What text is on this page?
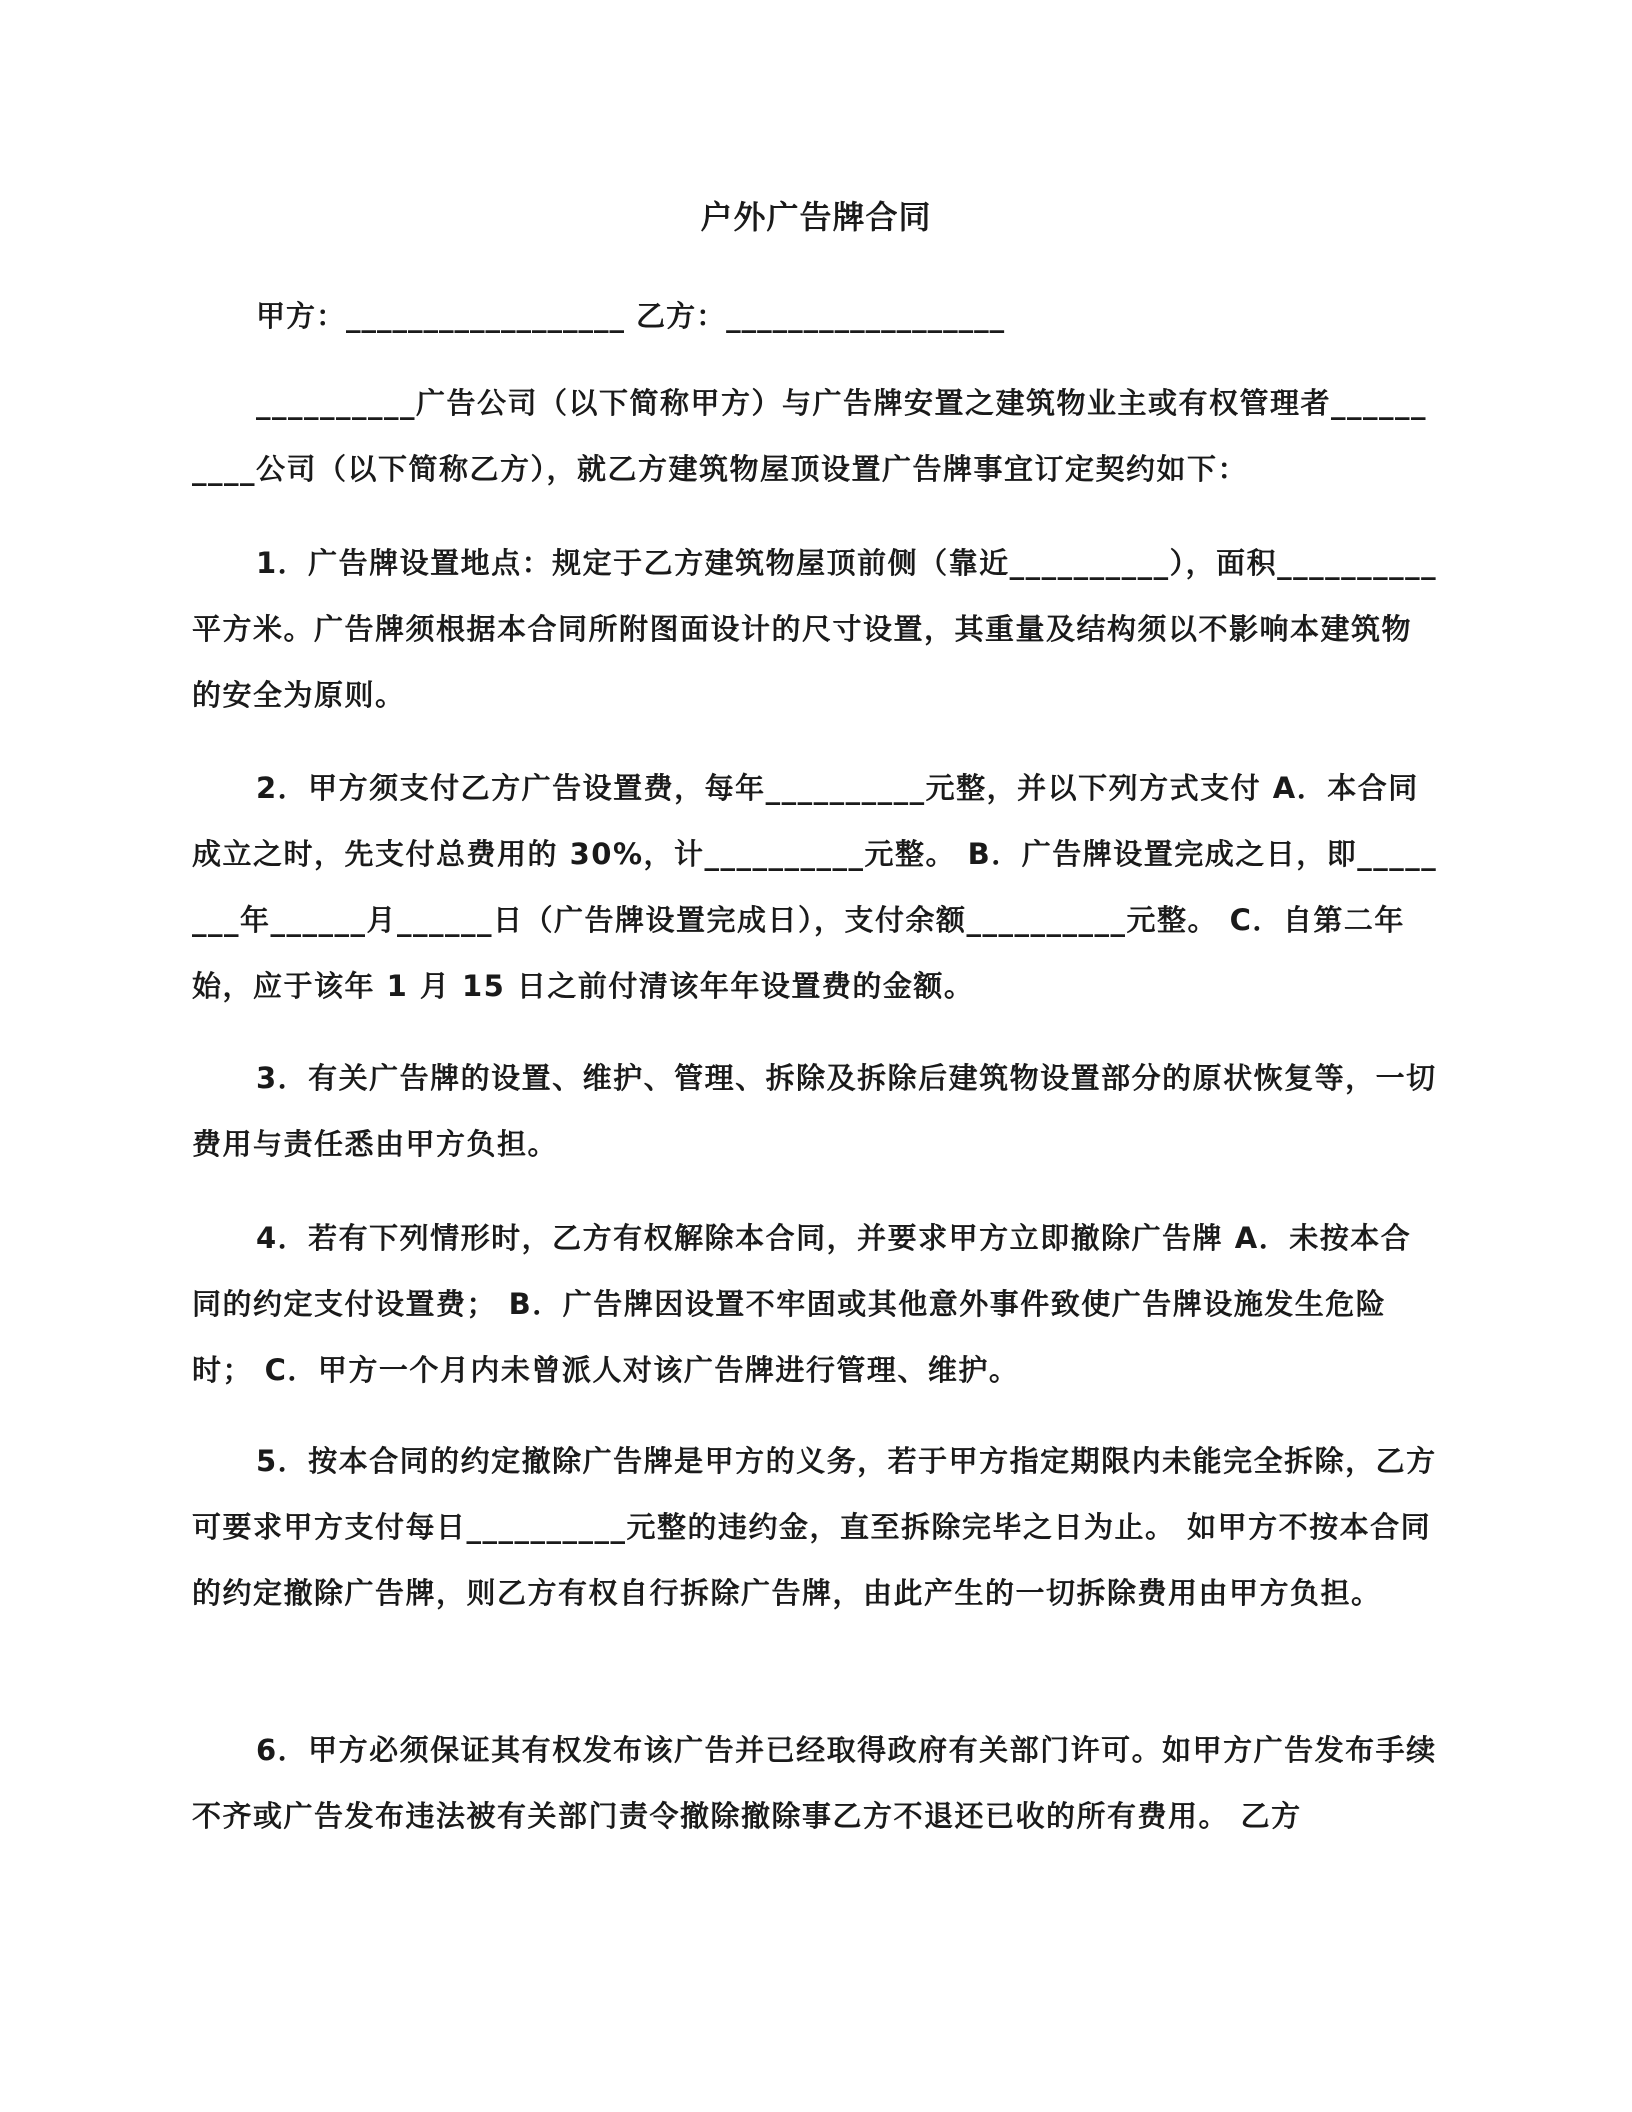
户外广告牌合同
甲方：__________________ 乙方：__________________

__________广告公司（以下简称甲方）与广告牌安置之建筑物业主或有权管理者__________公司（以下简称乙方），就乙方建筑物屋顶设置广告牌事宜订定契约如下：

1．广告牌设置地点：规定于乙方建筑物屋顶前侧（靠近__________），面积__________平方米。广告牌须根据本合同所附图面设计的尺寸设置，其重量及结构须以不影响本建筑物的安全为原则。

2．甲方须支付乙方广告设置费，每年__________元整，并以下列方式支付 A．本合同成立之时，先支付总费用的 30%，计__________元整。 B．广告牌设置完成之日，即________年______月______日（广告牌设置完成日），支付余额__________元整。 C．自第二年始，应于该年 1 月 15 日之前付清该年年设置费的金额。

3．有关广告牌的设置、维护、管理、拆除及拆除后建筑物设置部分的原状恢复等，一切费用与责任悉由甲方负担。

4．若有下列情形时，乙方有权解除本合同，并要求甲方立即撤除广告牌 A．未按本合同的约定支付设置费； B．广告牌因设置不牢固或其他意外事件致使广告牌设施发生危险时； C．甲方一个月内未曾派人对该广告牌进行管理、维护。

5．按本合同的约定撤除广告牌是甲方的义务，若于甲方指定期限内未能完全拆除，乙方可要求甲方支付每日__________元整的违约金，直至拆除完毕之日为止。 如甲方不按本合同的约定撤除广告牌，则乙方有权自行拆除广告牌，由此产生的一切拆除费用由甲方负担。

6．甲方必须保证其有权发布该广告并已经取得政府有关部门许可。如甲方广告发布手续不齐或广告发布违法被有关部门责令撤除撤除事乙方不退还已收的所有费用。 乙方
